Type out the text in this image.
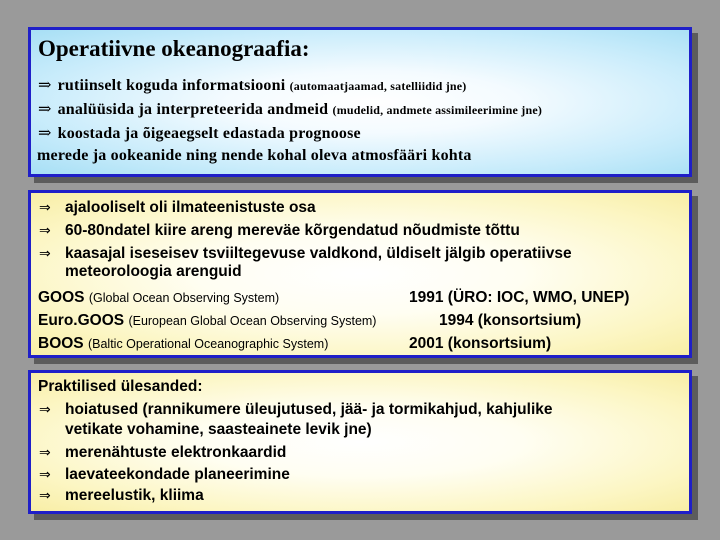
Operatiivne okeanograafia:
⇒ rutiinselt koguda informatsiooni (automaatjaamad, satelliidid jne)
⇒ analüüsida ja interpreteerida andmeid (mudelid, andmete assimileerimine jne)
⇒ koostada ja õigeaegselt edastada prognoose
merede ja ookeanide ning nende kohal oleva atmosfääri kohta
⇒ ajalooliselt oli ilmateenistuste osa
⇒ 60-80ndatel kiire areng mereväe kõrgendatud nõudmiste tõttu
⇒ kaasajal iseseisev tsviiltegevuse valdkond, üldiselt jälgib operatiivse
meteoroloogia arenguid
GOOS (Global Ocean Observing System)	1991 (ÜRO: IOC, WMO, UNEP)
Euro.GOOS (European Global Ocean Observing System)	1994 (konsortsium)
BOOS (Baltic Operational Oceanographic System)	2001 (konsortsium)
Praktilised ülesanded:
⇒ hoiatused (rannikumere üleujutused, jää- ja tormikahjud, kahjulike
vetikate vohamine, saasteainete levik jne)
⇒ merenähtuste elektronkaardid
⇒ laevateekondade planeerimine
⇒ mereelustik, kliima
